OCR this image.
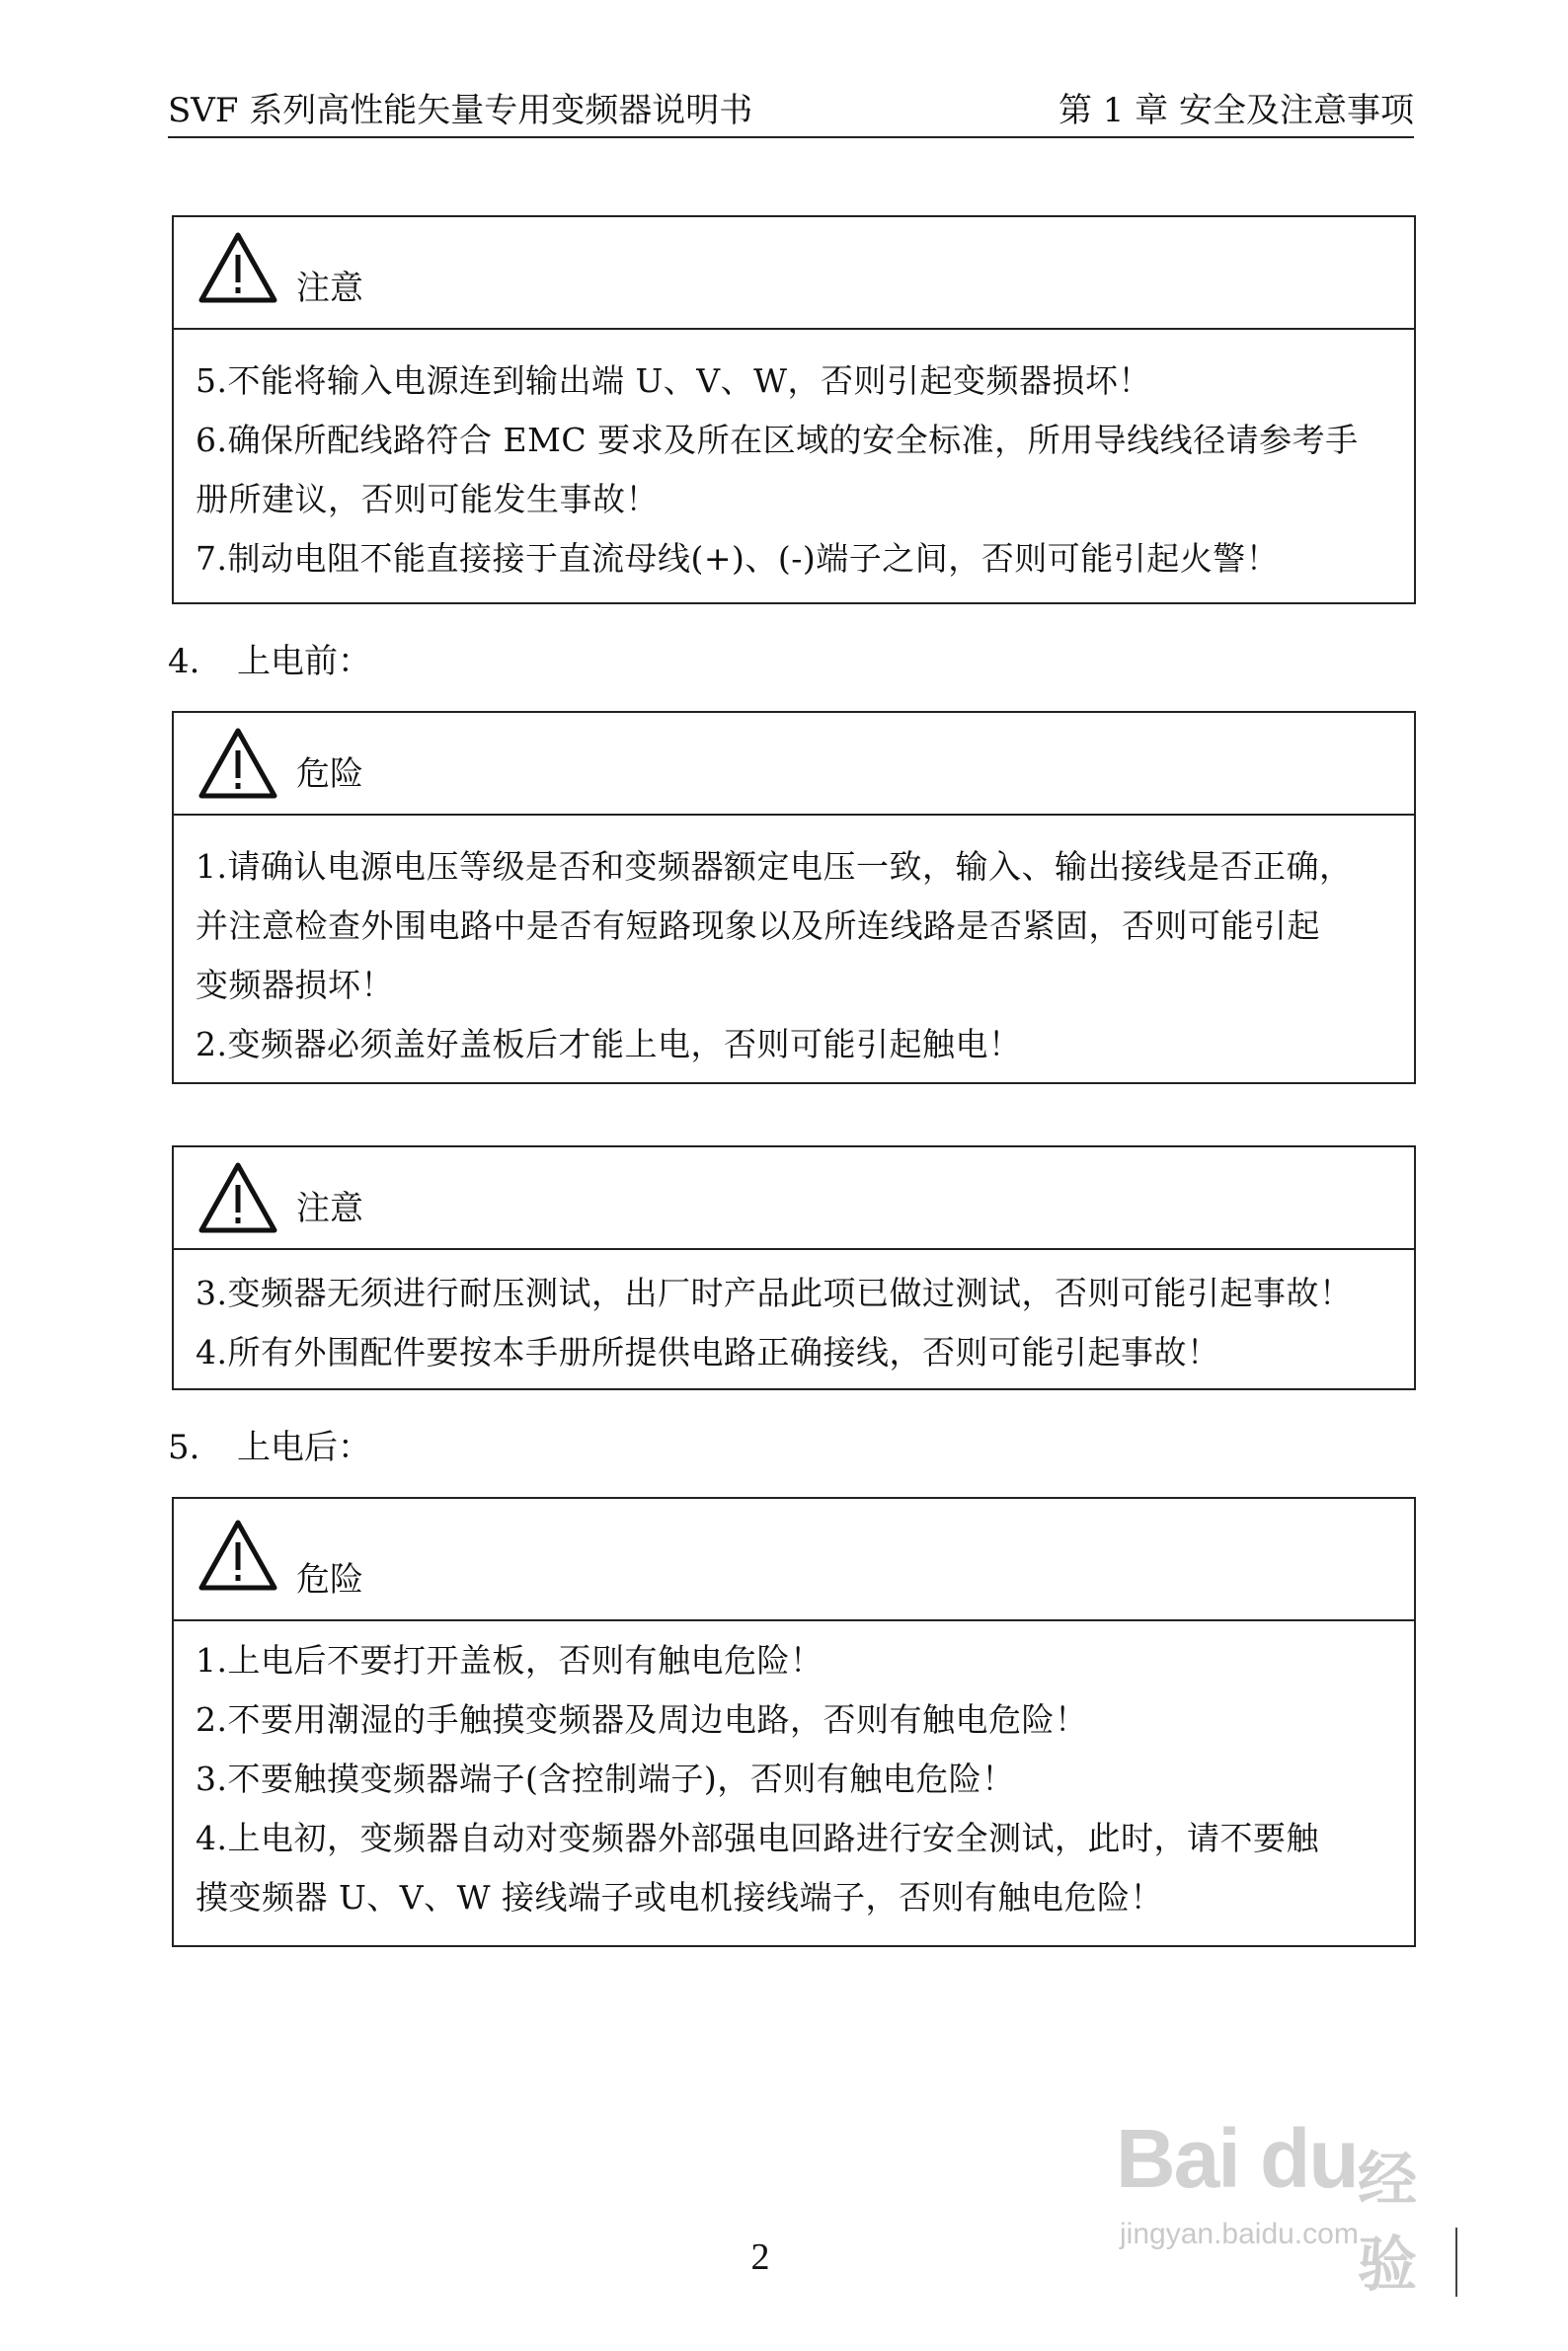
SVF 系列高性能矢量专用变频器说明书	第 1 章 安全及注意事项
注意

5.不能将输入电源连到输出端 U、V、W，否则引起变频器损坏！

6.确保所配线路符合 EMC 要求及所在区域的安全标准，所用导线线径请参考手

册所建议，否则可能发生事故！

7.制动电阻不能直接接于直流母线(+)、(-)端子之间，否则可能引起火警！

4. 上电前：
危险

1.请确认电源电压等级是否和变频器额定电压一致，输入、输出接线是否正确，

并注意检查外围电路中是否有短路现象以及所连线路是否紧固，否则可能引起

变频器损坏！

2.变频器必须盖好盖板后才能上电，否则可能引起触电！

注意

3.变频器无须进行耐压测试，出厂时产品此项已做过测试，否则可能引起事故！

4.所有外围配件要按本手册所提供电路正确接线，否则可能引起事故！

5. 上电后：
危险

1.上电后不要打开盖板，否则有触电危险！

2.不要用潮湿的手触摸变频器及周边电路，否则有触电危险！

3.不要触摸变频器端子(含控制端子)，否则有触电危险！

4.上电初，变频器自动对变频器外部强电回路进行安全测试，此时，请不要触

摸变频器 U、V、W 接线端子或电机接线端子，否则有触电危险！

Bai du 经验
jingyan.baidu.com
2
